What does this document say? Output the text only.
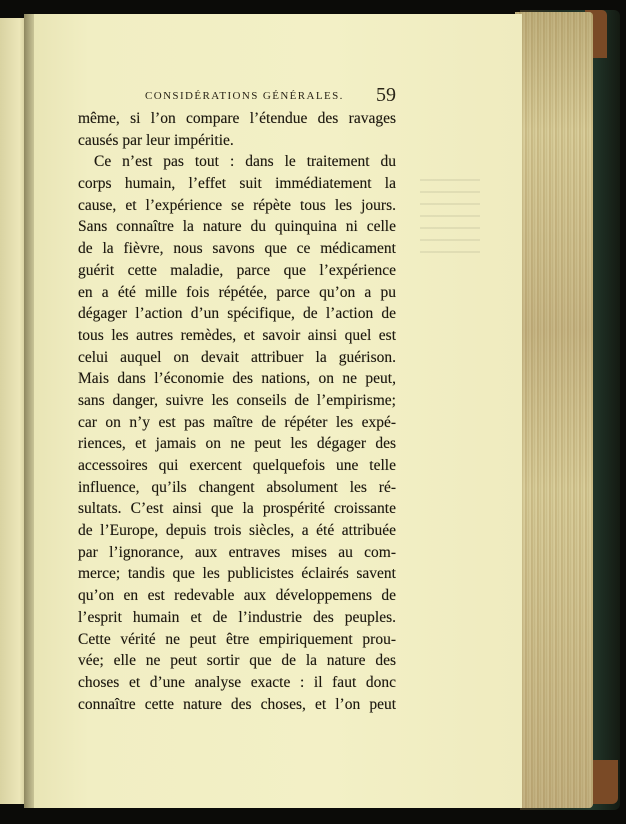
CONSIDÉRATIONS GÉNÉRALES.	59
même, si l’on compare l’étendue des ravages
causés par leur impéritie.
Ce n’est pas tout : dans le traitement du
corps humain, l’effet suit immédiatement la
cause, et l’expérience se répète tous les jours.
Sans connaître la nature du quinquina ni celle
de la fièvre, nous savons que ce médicament
guérit cette maladie, parce que l’expérience
en a été mille fois répétée, parce qu’on a pu
dégager l’action d’un spécifique, de l’action de
tous les autres remèdes, et savoir ainsi quel est
celui auquel on devait attribuer la guérison.
Mais dans l’économie des nations, on ne peut,
sans danger, suivre les conseils de l’empirisme;
car on n’y est pas maître de répéter les expé-
riences, et jamais on ne peut les dégager des
accessoires qui exercent quelquefois une telle
influence, qu’ils changent absolument les ré-
sultats. C’est ainsi que la prospérité croissante
de l’Europe, depuis trois siècles, a été attribuée
par l’ignorance, aux entraves mises au com-
merce; tandis que les publicistes éclairés savent
qu’on en est redevable aux développemens de
l’esprit humain et de l’industrie des peuples.
Cette vérité ne peut être empiriquement prou-
vée; elle ne peut sortir que de la nature des
choses et d’une analyse exacte : il faut donc
connaître cette nature des choses, et l’on peut
